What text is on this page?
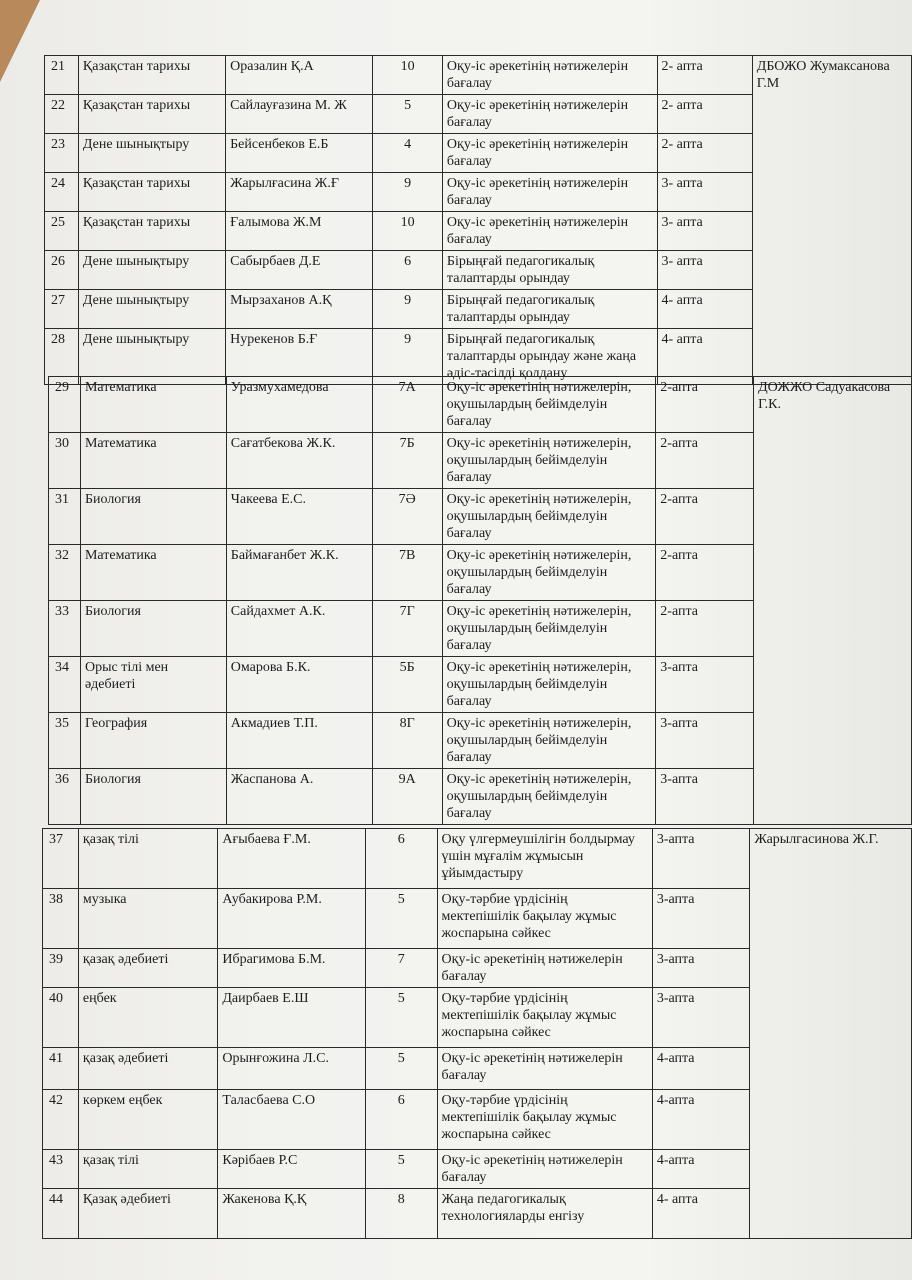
21	Қазақстан тарихы	Оразалин Қ.А	10	Оқу-іс әрекетінің нәтижелерін бағалау	2- апта	ДБОЖО Жумаксанова Г.М
22	Қазақстан тарихы	Сайлауғазина М. Ж	5	Оқу-іс әрекетінің нәтижелерін бағалау	2- апта	
23	Дене шынықтыру	Бейсенбеков Е.Б	4	Оқу-іс әрекетінің нәтижелерін бағалау	2- апта	
24	Қазақстан тарихы	Жарылғасина Ж.Ғ	9	Оқу-іс әрекетінің нәтижелерін бағалау	3- апта	
25	Қазақстан тарихы	Ғалымова Ж.М	10	Оқу-іс әрекетінің нәтижелерін бағалау	3- апта	
26	Дене шынықтыру	Сабырбаев Д.Е	6	Бірыңғай педагогикалық талаптарды орындау	3- апта	
27	Дене шынықтыру	Мырзаханов А.Қ	9	Бірыңғай педагогикалық талаптарды орындау	4- апта	
28	Дене шынықтыру	Нурекенов Б.Ғ	9	Бірыңғай педагогикалық талаптарды орындау және жаңа әдіс-тәсілді қолдану	4- апта	
29	Математика	Уразмухамедова	7А	Оқу-іс әрекетінің нәтижелерін, оқушылардың бейімделуін бағалау	2-апта	ДОЖЖО Садуакасова Г.К.
30	Математика	Сағатбекова Ж.К.	7Б	Оқу-іс әрекетінің нәтижелерін, оқушылардың бейімделуін бағалау	2-апта	
31	Биология	Чакеева Е.С.	7Ә	Оқу-іс әрекетінің нәтижелерін, оқушылардың бейімделуін бағалау	2-апта	
32	Математика	Баймағанбет Ж.К.	7В	Оқу-іс әрекетінің нәтижелерін, оқушылардың бейімделуін бағалау	2-апта	
33	Биология	Сайдахмет А.К.	7Г	Оқу-іс әрекетінің нәтижелерін, оқушылардың бейімделуін бағалау	2-апта	
34	Орыс тілі мен әдебиеті	Омарова Б.К.	5Б	Оқу-іс әрекетінің нәтижелерін, оқушылардың бейімделуін бағалау	3-апта	
35	География	Акмадиев Т.П.	8Г	Оқу-іс әрекетінің нәтижелерін, оқушылардың бейімделуін бағалау	3-апта	
36	Биология	Жаспанова А.	9А	Оқу-іс әрекетінің нәтижелерін, оқушылардың бейімделуін бағалау	3-апта	
37	қазақ тілі	Ағыбаева Ғ.М.	6	Оқу үлгермеушілігін болдырмау үшін мұғалім жұмысын ұйымдастыру	3-апта	Жарылгасинова Ж.Г.
38	музыка	Аубакирова Р.М.	5	Оқу-тәрбие үрдісінің мектепішілік бақылау жұмыс жоспарына сәйкес	3-апта	
39	қазақ әдебиеті	Ибрагимова Б.М.	7	Оқу-іс әрекетінің нәтижелерін бағалау	3-апта	
40	еңбек	Даирбаев Е.Ш	5	Оқу-тәрбие үрдісінің мектепішілік бақылау жұмыс жоспарына сәйкес	3-апта	
41	қазақ әдебиеті	Орынғожина Л.С.	5	Оқу-іс әрекетінің нәтижелерін бағалау	4-апта	
42	көркем еңбек	Таласбаева С.О	6	Оқу-тәрбие үрдісінің мектепішілік бақылау жұмыс жоспарына сәйкес	4-апта	
43	қазақ тілі	Кәрібаев Р.С	5	Оқу-іс әрекетінің нәтижелерін бағалау	4-апта	
44	Қазақ әдебиеті	Жакенова Қ.Қ	8	Жаңа педагогикалық технологияларды енгізу	4- апта	
